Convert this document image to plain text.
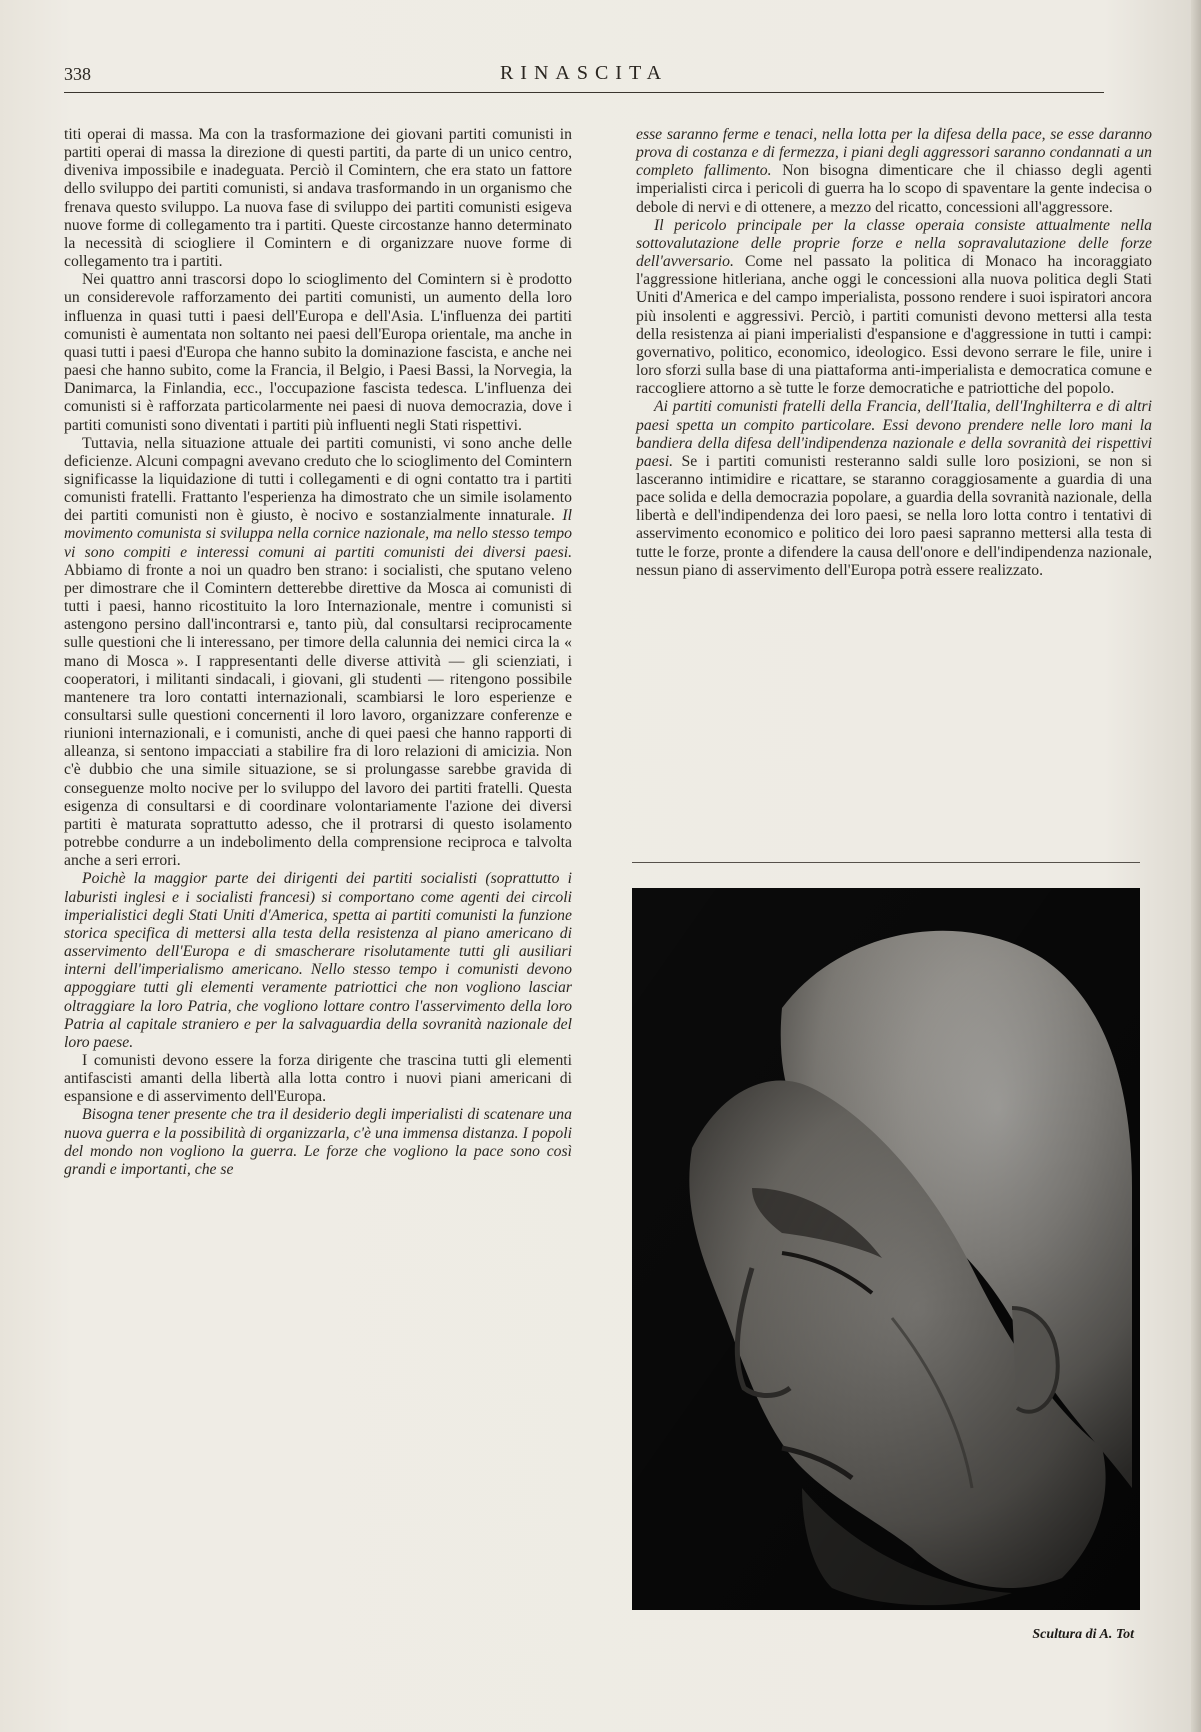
338	RINASCITA

titi operai di massa. Ma con la trasformazione dei giovani partiti comunisti in partiti operai di massa la direzione di questi partiti, da parte di un unico centro, diveniva impossibile e inadeguata. Perciò il Comintern, che era stato un fattore dello sviluppo dei partiti comunisti, si andava trasformando in un organismo che frenava questo sviluppo. La nuova fase di sviluppo dei partiti comunisti esigeva nuove forme di collegamento tra i partiti. Queste circostanze hanno determinato la necessità di sciogliere il Comintern e di organizzare nuove forme di collegamento tra i partiti.

Nei quattro anni trascorsi dopo lo scioglimento del Comintern si è prodotto un considerevole rafforzamento dei partiti comunisti, un aumento della loro influenza in quasi tutti i paesi dell'Europa e dell'Asia. L'influenza dei partiti comunisti è aumentata non soltanto nei paesi dell'Europa orientale, ma anche in quasi tutti i paesi d'Europa che hanno subito la dominazione fascista, e anche nei paesi che hanno subito, come la Francia, il Belgio, i Paesi Bassi, la Norvegia, la Danimarca, la Finlandia, ecc., l'occupazione fascista tedesca. L'influenza dei comunisti si è rafforzata particolarmente nei paesi di nuova democrazia, dove i partiti comunisti sono diventati i partiti più influenti negli Stati rispettivi.

Tuttavia, nella situazione attuale dei partiti comunisti, vi sono anche delle deficienze. Alcuni compagni avevano creduto che lo scioglimento del Comintern significasse la liquidazione di tutti i collegamenti e di ogni contatto tra i partiti comunisti fratelli. Frattanto l'esperienza ha dimostrato che un simile isolamento dei partiti comunisti non è giusto, è nocivo e sostanzialmente innaturale. Il movimento comunista si sviluppa nella cornice nazionale, ma nello stesso tempo vi sono compiti e interessi comuni ai partiti comunisti dei diversi paesi. Abbiamo di fronte a noi un quadro ben strano: i socialisti, che sputano veleno per dimostrare che il Comintern detterebbe direttive da Mosca ai comunisti di tutti i paesi, hanno ricostituito la loro Internazionale, mentre i comunisti si astengono persino dall'incontrarsi e, tanto più, dal consultarsi reciprocamente sulle questioni che li interessano, per timore della calunnia dei nemici circa la « mano di Mosca ». I rappresentanti delle diverse attività — gli scienziati, i cooperatori, i militanti sindacali, i giovani, gli studenti — ritengono possibile mantenere tra loro contatti internazionali, scambiarsi le loro esperienze e consultarsi sulle questioni concernenti il loro lavoro, organizzare conferenze e riunioni internazionali, e i comunisti, anche di quei paesi che hanno rapporti di alleanza, si sentono impacciati a stabilire fra di loro relazioni di amicizia. Non c'è dubbio che una simile situazione, se si prolungasse sarebbe gravida di conseguenze molto nocive per lo sviluppo del lavoro dei partiti fratelli. Questa esigenza di consultarsi e di coordinare volontariamente l'azione dei diversi partiti è maturata soprattutto adesso, che il protrarsi di questo isolamento potrebbe condurre a un indebolimento della comprensione reciproca e talvolta anche a seri errori.

Poichè la maggior parte dei dirigenti dei partiti socialisti (soprattutto i laburisti inglesi e i socialisti francesi) si comportano come agenti dei circoli imperialistici degli Stati Uniti d'America, spetta ai partiti comunisti la funzione storica specifica di mettersi alla testa della resistenza al piano americano di asservimento dell'Europa e di smascherare risolutamente tutti gli ausiliari interni dell'imperialismo americano. Nello stesso tempo i comunisti devono appoggiare tutti gli elementi veramente patriottici che non vogliono lasciar oltraggiare la loro Patria, che vogliono lottare contro l'asservimento della loro Patria al capitale straniero e per la salvaguardia della sovranità nazionale del loro paese.

I comunisti devono essere la forza dirigente che trascina tutti gli elementi antifascisti amanti della libertà alla lotta contro i nuovi piani americani di espansione e di asservimento dell'Europa.

Bisogna tener presente che tra il desiderio degli imperialisti di scatenare una nuova guerra e la possibilità di organizzarla, c'è una immensa distanza. I popoli del mondo non vogliono la guerra. Le forze che vogliono la pace sono così grandi e importanti, che se

esse saranno ferme e tenaci, nella lotta per la difesa della pace, se esse daranno prova di costanza e di fermezza, i piani degli aggressori saranno condannati a un completo fallimento. Non bisogna dimenticare che il chiasso degli agenti imperialisti circa i pericoli di guerra ha lo scopo di spaventare la gente indecisa o debole di nervi e di ottenere, a mezzo del ricatto, concessioni all'aggressore.

Il pericolo principale per la classe operaia consiste attualmente nella sottovalutazione delle proprie forze e nella sopravalutazione delle forze dell'avversario. Come nel passato la politica di Monaco ha incoraggiato l'aggressione hitleriana, anche oggi le concessioni alla nuova politica degli Stati Uniti d'America e del campo imperialista, possono rendere i suoi ispiratori ancora più insolenti e aggressivi. Perciò, i partiti comunisti devono mettersi alla testa della resistenza ai piani imperialisti d'espansione e d'aggressione in tutti i campi: governativo, politico, economico, ideologico. Essi devono serrare le file, unire i loro sforzi sulla base di una piattaforma anti-imperialista e democratica comune e raccogliere attorno a sè tutte le forze democratiche e patriottiche del popolo.

Ai partiti comunisti fratelli della Francia, dell'Italia, dell'Inghilterra e di altri paesi spetta un compito particolare. Essi devono prendere nelle loro mani la bandiera della difesa dell'indipendenza nazionale e della sovranità dei rispettivi paesi. Se i partiti comunisti resteranno saldi sulle loro posizioni, se non si lasceranno intimidire e ricattare, se staranno coraggiosamente a guardia di una pace solida e della democrazia popolare, a guardia della sovranità nazionale, della libertà e dell'indipendenza dei loro paesi, se nella loro lotta contro i tentativi di asservimento economico e politico dei loro paesi sapranno mettersi alla testa di tutte le forze, pronte a difendere la causa dell'onore e dell'indipendenza nazionale, nessun piano di asservimento dell'Europa potrà essere realizzato.

Scultura di A. Tot
